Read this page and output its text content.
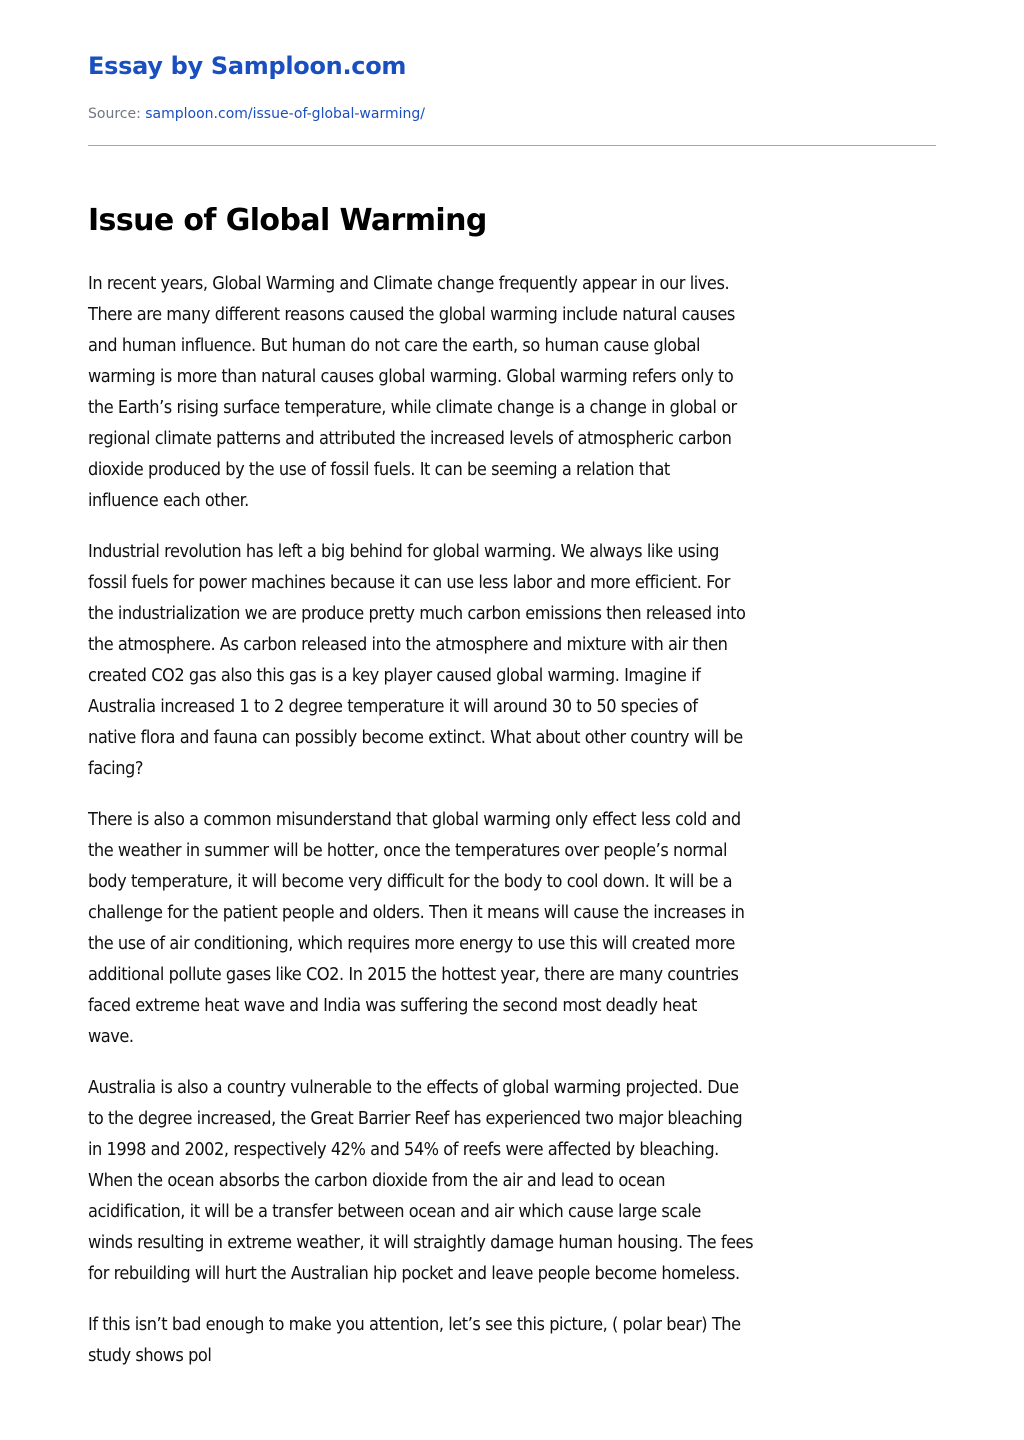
Essay by Samploon.com
Source: samploon.com/issue-of-global-warming/
Issue of Global Warming

In recent years, Global Warming and Climate change frequently appear in our lives.
There are many different reasons caused the global warming include natural causes
and human influence. But human do not care the earth, so human cause global
warming is more than natural causes global warming. Global warming refers only to
the Earth’s rising surface temperature, while climate change is a change in global or
regional climate patterns and attributed the increased levels of atmospheric carbon
dioxide produced by the use of fossil fuels. It can be seeming a relation that
influence each other.

Industrial revolution has left a big behind for global warming. We always like using
fossil fuels for power machines because it can use less labor and more efficient. For
the industrialization we are produce pretty much carbon emissions then released into
the atmosphere. As carbon released into the atmosphere and mixture with air then
created CO2 gas also this gas is a key player caused global warming. Imagine if
Australia increased 1 to 2 degree temperature it will around 30 to 50 species of
native flora and fauna can possibly become extinct. What about other country will be
facing?

There is also a common misunderstand that global warming only effect less cold and
the weather in summer will be hotter, once the temperatures over people’s normal
body temperature, it will become very difficult for the body to cool down. It will be a
challenge for the patient people and olders. Then it means will cause the increases in
the use of air conditioning, which requires more energy to use this will created more
additional pollute gases like CO2. In 2015 the hottest year, there are many countries
faced extreme heat wave and India was suffering the second most deadly heat
wave.

Australia is also a country vulnerable to the effects of global warming projected. Due
to the degree increased, the Great Barrier Reef has experienced two major bleaching
in 1998 and 2002, respectively 42% and 54% of reefs were affected by bleaching.
When the ocean absorbs the carbon dioxide from the air and lead to ocean
acidification, it will be a transfer between ocean and air which cause large scale
winds resulting in extreme weather, it will straightly damage human housing. The fees
for rebuilding will hurt the Australian hip pocket and leave people become homeless.

If this isn’t bad enough to make you attention, let’s see this picture, ( polar bear) The
study shows pol
